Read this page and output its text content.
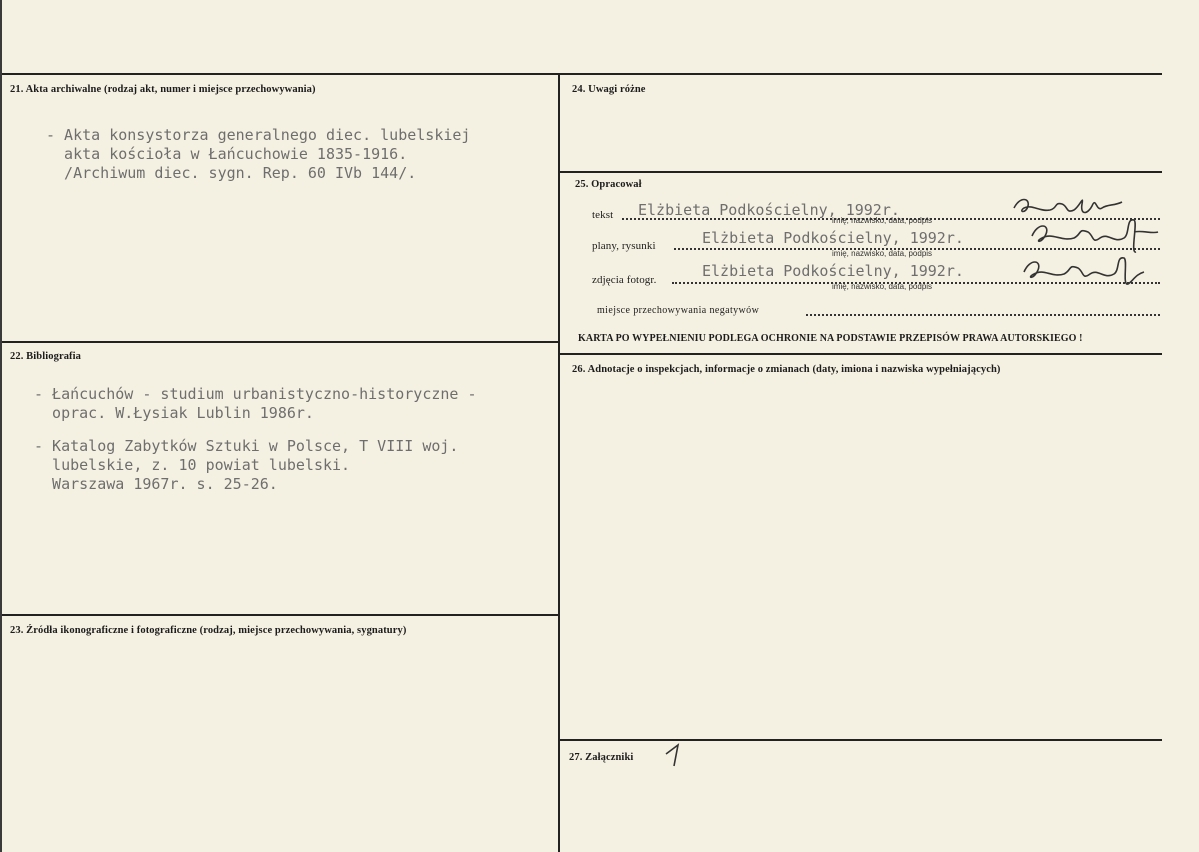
21. Akta archiwalne (rodzaj akt, numer i miejsce przechowywania)
- Akta konsystorza generalnego diec. lubelskiej
akta kościoła w Łańcuchowie 1835-1916.
/Archiwum diec. sygn. Rep. 60 IVb 144/.
22. Bibliografia
- Łańcuchów - studium urbanistyczno-historyczne -
oprac. W.Łysiak Lublin 1986r.
- Katalog Zabytków Sztuki w Polsce, T VIII woj.
lubelskie, z. 10 powiat lubelski.
Warszawa 1967r. s. 25-26.
23. Źródła ikonograficzne i fotograficzne (rodzaj, miejsce przechowywania, sygnatury)
24. Uwagi różne
25. Opracował
tekst Elżbieta Podkościelny, 1992r.
imię, nazwisko, data, podpis
plany, rysunki	Elżbieta Podkościelny, 1992r.
imię, nazwisko, data, podpis
zdjęcia fotogr.	Elżbieta Podkościelny, 1992r.
imię, nazwisko, data, podpis
miejsce przechowywania negatywów
KARTA PO WYPEŁNIENIU PODLEGA OCHRONIE NA PODSTAWIE PRZEPISÓW PRAWA AUTORSKIEGO !
26. Adnotacje o inspekcjach, informacje o zmianach (daty, imiona i nazwiska wypełniających)
27. Załączniki
